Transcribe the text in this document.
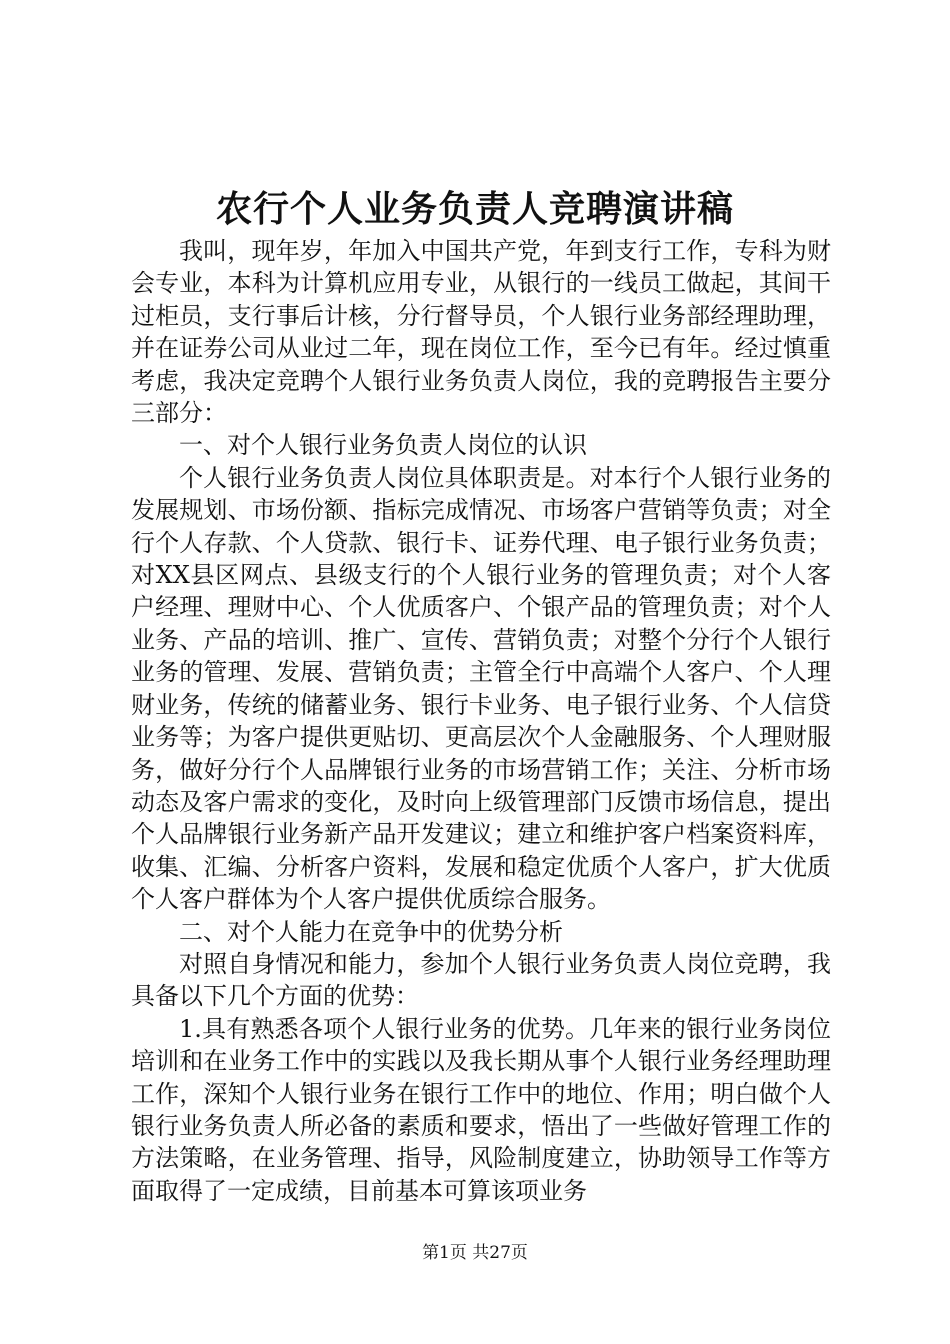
农行个人业务负责人竞聘演讲稿

我叫，现年岁，年加入中国共产党，年到支行工作，专科为财会专业，本科为计算机应用专业，从银行的一线员工做起，其间干过柜员，支行事后计核，分行督导员，个人银行业务部经理助理，并在证券公司从业过二年，现在岗位工作，至今已有年。经过慎重考虑，我决定竞聘个人银行业务负责人岗位，我的竞聘报告主要分三部分：

一、对个人银行业务负责人岗位的认识

个人银行业务负责人岗位具体职责是。对本行个人银行业务的发展规划、市场份额、指标完成情况、市场客户营销等负责；对全行个人存款、个人贷款、银行卡、证券代理、电子银行业务负责；对XX县区网点、县级支行的个人银行业务的管理负责；对个人客户经理、理财中心、个人优质客户、个银产品的管理负责；对个人业务、产品的培训、推广、宣传、营销负责；对整个分行个人银行业务的管理、发展、营销负责；主管全行中高端个人客户、个人理财业务，传统的储蓄业务、银行卡业务、电子银行业务、个人信贷业务等；为客户提供更贴切、更高层次个人金融服务、个人理财服务，做好分行个人品牌银行业务的市场营销工作；关注、分析市场动态及客户需求的变化，及时向上级管理部门反馈市场信息，提出个人品牌银行业务新产品开发建议；建立和维护客户档案资料库，收集、汇编、分析客户资料，发展和稳定优质个人客户，扩大优质个人客户群体为个人客户提供优质综合服务。

二、对个人能力在竞争中的优势分析

对照自身情况和能力，参加个人银行业务负责人岗位竞聘，我具备以下几个方面的优势：

1.具有熟悉各项个人银行业务的优势。几年来的银行业务岗位培训和在业务工作中的实践以及我长期从事个人银行业务经理助理工作，深知个人银行业务在银行工作中的地位、作用；明白做个人银行业务负责人所必备的素质和要求，悟出了一些做好管理工作的方法策略，在业务管理、指导，风险制度建立，协助领导工作等方面取得了一定成绩，目前基本可算该项业务

第1页 共27页
